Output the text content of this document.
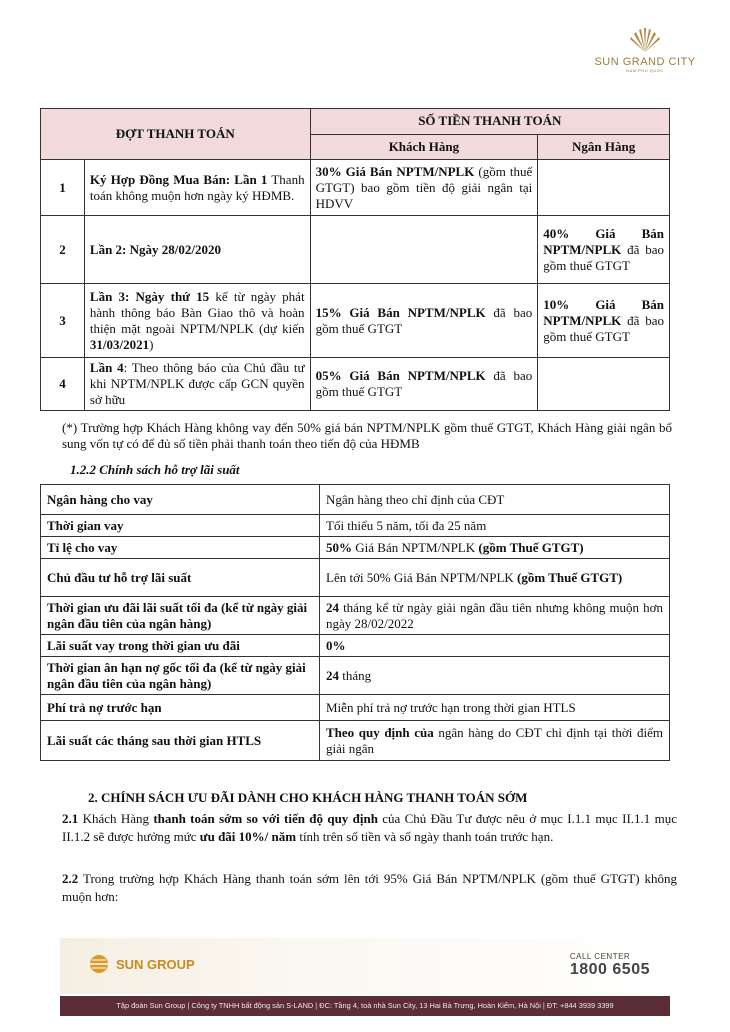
SUN GRAND CITY
NAM PHÚ QUỐC
ĐỢT THANH TOÁN		SỐ TIỀN THANH TOÁN	
		Khách Hàng	Ngân Hàng
1	Ký Hợp Đồng Mua Bán: Lần 1 Thanh toán không muộn hơn ngày ký HĐMB.	30% Giá Bán NPTM/NPLK (gồm thuế GTGT) bao gồm tiền độ giải ngân tại HDVV	
2	Lần 2: Ngày 28/02/2020		40% Giá Bán NPTM/NPLK đã bao gồm thuế GTGT
3	Lần 3: Ngày thứ 15 kể từ ngày phát hành thông báo Bàn Giao thô và hoàn thiện mặt ngoài NPTM/NPLK (dự kiến 31/03/2021)	15% Giá Bán NPTM/NPLK đã bao gồm thuế GTGT	10% Giá Bán NPTM/NPLK đã bao gồm thuế GTGT
4	Lần 4: Theo thông báo của Chủ đầu tư khi NPTM/NPLK được cấp GCN quyền sở hữu	05% Giá Bán NPTM/NPLK đã bao gồm thuế GTGT	
(*) Trường hợp Khách Hàng không vay đến 50% giá bán NPTM/NPLK gồm thuế GTGT, Khách Hàng giải ngân bổ sung vốn tự có để đủ số tiền phải thanh toán theo tiến độ của HĐMB
1.2.2 Chính sách hỗ trợ lãi suất
Ngân hàng cho vay	Ngân hàng theo chỉ định của CĐT
Thời gian vay	Tối thiểu 5 năm, tối đa 25 năm
Tỉ lệ cho vay	50% Giá Bán NPTM/NPLK (gồm Thuế GTGT)
Chủ đầu tư hỗ trợ lãi suất	Lên tới 50% Giá Bán NPTM/NPLK (gồm Thuế GTGT)
Thời gian ưu đãi lãi suất tối đa (kể từ ngày giải ngân đầu tiên của ngân hàng)	24 tháng kể từ ngày giải ngân đầu tiên nhưng không muộn hơn ngày 28/02/2022
Lãi suất vay trong thời gian ưu đãi	0%
Thời gian ân hạn nợ gốc tối đa (kể từ ngày giải ngân đầu tiên của ngân hàng)	24 tháng
Phí trả nợ trước hạn	Miễn phí trả nợ trước hạn trong thời gian HTLS
Lãi suất các tháng sau thời gian HTLS	Theo quy định của ngân hàng do CĐT chỉ định tại thời điểm giải ngân
2. CHÍNH SÁCH ƯU ĐÃI DÀNH CHO KHÁCH HÀNG THANH TOÁN SỚM
2.1 Khách Hàng thanh toán sớm so với tiến độ quy định của Chủ Đầu Tư được nêu ở mục I.1.1 mục II.1.1 mục II.1.2 sẽ được hưởng mức ưu đãi 10%/ năm tính trên số tiền và số ngày thanh toán trước hạn.
2.2 Trong trường hợp Khách Hàng thanh toán sớm lên tới 95% Giá Bán NPTM/NPLK (gồm thuế GTGT) không muộn hơn:
SUN GROUP	CALL CENTER
1800 6505
Tập đoàn Sun Group | Công ty TNHH bất động sản S-LAND | ĐC: Tầng 4, toà nhà Sun City, 13 Hai Bà Trưng, Hoàn Kiếm, Hà Nội | ĐT: +844 3939 3399
